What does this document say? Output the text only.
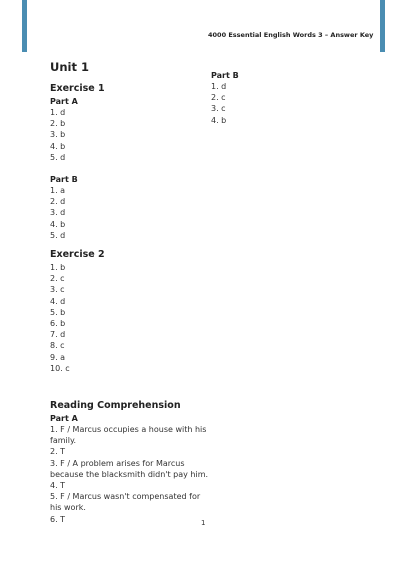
4000 Essential English Words 3 – Answer Key
Unit 1
Exercise 1
Part A
1. d
2. b
3. b
4. b
5. d
Part B
1. a
2. d
3. d
4. b
5. d
Exercise 2
1. b
2. c
3. c
4. d
5. b
6. b
7. d
8. c
9. a
10. c
Reading Comprehension
Part A
1. F / Marcus occupies a house with his family.
2. T
3. F / A problem arises for Marcus because the blacksmith didn't pay him.
4. T
5. F / Marcus wasn't compensated for his work.
6. T
Part B
1. d
2. c
3. c
4. b
1
